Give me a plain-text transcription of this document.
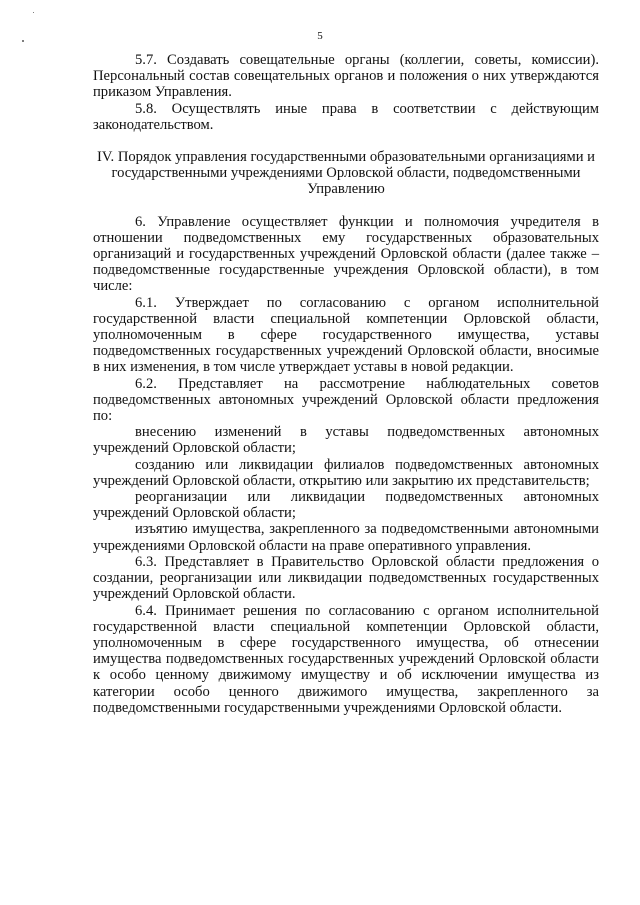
5

5.7. Создавать совещательные органы (коллегии, советы, комиссии). Персональный состав совещательных органов и положения о них утверждаются приказом Управления.

5.8. Осуществлять иные права в соответствии с действующим законодательством.

IV. Порядок управления государственными образовательными организациями и государственными учреждениями Орловской области, подведомственными Управлению

6. Управление осуществляет функции и полномочия учредителя в отношении подведомственных ему государственных образовательных организаций и государственных учреждений Орловской области (далее также – подведомственные государственные учреждения Орловской области), в том числе:

6.1. Утверждает по согласованию с органом исполнительной государственной власти специальной компетенции Орловской области, уполномоченным в сфере государственного имущества, уставы подведомственных государственных учреждений Орловской области, вносимые в них изменения, в том числе утверждает уставы в новой редакции.

6.2. Представляет на рассмотрение наблюдательных советов подведомственных автономных учреждений Орловской области предложения по:

внесению изменений в уставы подведомственных автономных учреждений Орловской области;

созданию или ликвидации филиалов подведомственных автономных учреждений Орловской области, открытию или закрытию их представительств;

реорганизации или ликвидации подведомственных автономных учреждений Орловской области;

изъятию имущества, закрепленного за подведомственными автономными учреждениями Орловской области на праве оперативного управления.

6.3. Представляет в Правительство Орловской области предложения о создании, реорганизации или ликвидации подведомственных государственных учреждений Орловской области.

6.4. Принимает решения по согласованию с органом исполнительной государственной власти специальной компетенции Орловской области, уполномоченным в сфере государственного имущества, об отнесении имущества подведомственных государственных учреждений Орловской области к особо ценному движимому имуществу и об исключении имущества из категории особо ценного движимого имущества, закрепленного за подведомственными государственными учреждениями Орловской области.
